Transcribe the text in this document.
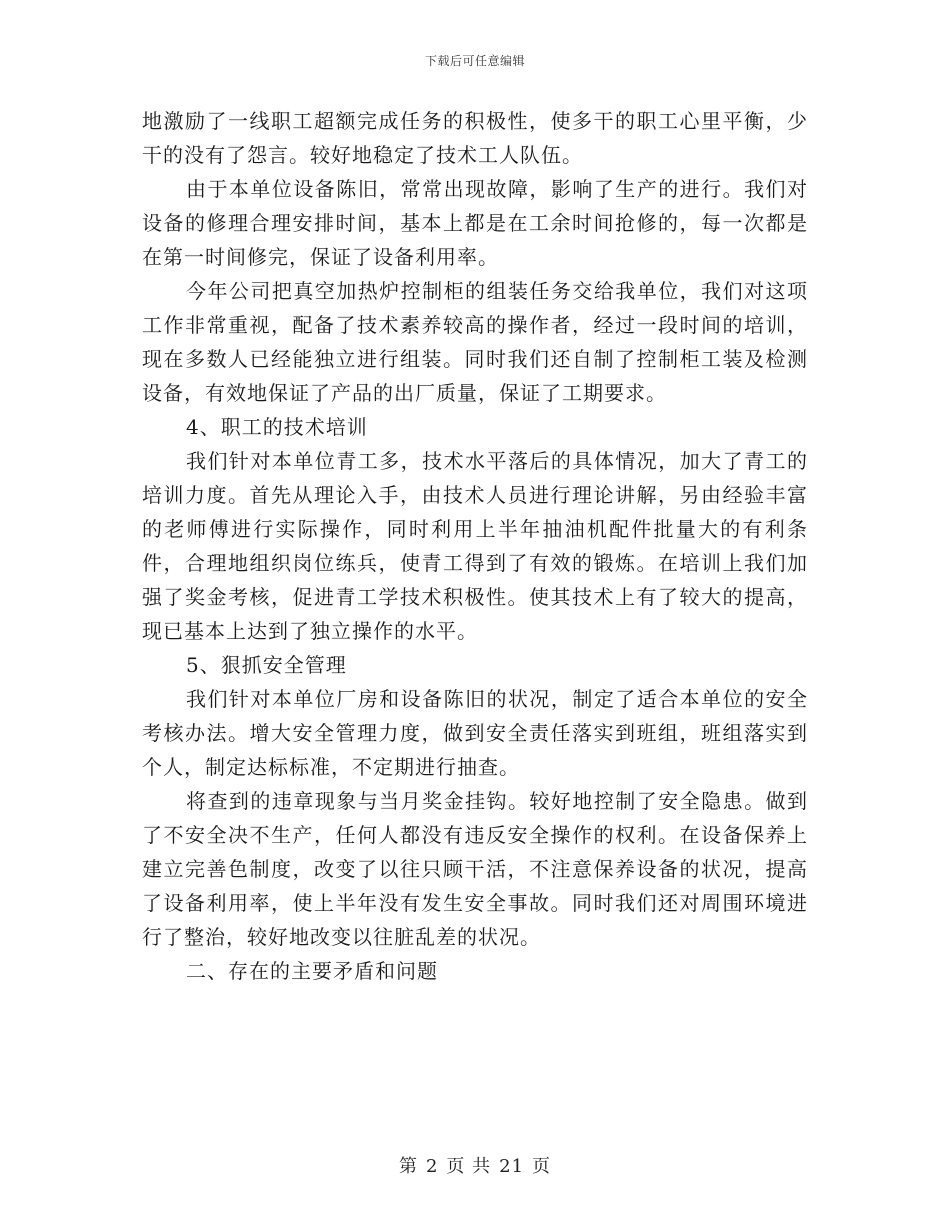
下载后可任意编辑

地激励了一线职工超额完成任务的积极性，使多干的职工心里平衡，少干的没有了怨言。较好地稳定了技术工人队伍。

由于本单位设备陈旧，常常出现故障，影响了生产的进行。我们对设备的修理合理安排时间，基本上都是在工余时间抢修的，每一次都是在第一时间修完，保证了设备利用率。

今年公司把真空加热炉控制柜的组装任务交给我单位，我们对这项工作非常重视，配备了技术素养较高的操作者，经过一段时间的培训，现在多数人已经能独立进行组装。同时我们还自制了控制柜工装及检测设备，有效地保证了产品的出厂质量，保证了工期要求。

4、职工的技术培训

我们针对本单位青工多，技术水平落后的具体情况，加大了青工的培训力度。首先从理论入手，由技术人员进行理论讲解，另由经验丰富的老师傅进行实际操作，同时利用上半年抽油机配件批量大的有利条件，合理地组织岗位练兵，使青工得到了有效的锻炼。在培训上我们加强了奖金考核，促进青工学技术积极性。使其技术上有了较大的提高，现已基本上达到了独立操作的水平。

5、狠抓安全管理

我们针对本单位厂房和设备陈旧的状况，制定了适合本单位的安全考核办法。增大安全管理力度，做到安全责任落实到班组，班组落实到个人，制定达标标准，不定期进行抽查。

将查到的违章现象与当月奖金挂钩。较好地控制了安全隐患。做到了不安全决不生产，任何人都没有违反安全操作的权利。在设备保养上建立完善色制度，改变了以往只顾干活，不注意保养设备的状况，提高了设备利用率，使上半年没有发生安全事故。同时我们还对周围环境进行了整治，较好地改变以往脏乱差的状况。

二、存在的主要矛盾和问题

第 2 页 共 21 页
